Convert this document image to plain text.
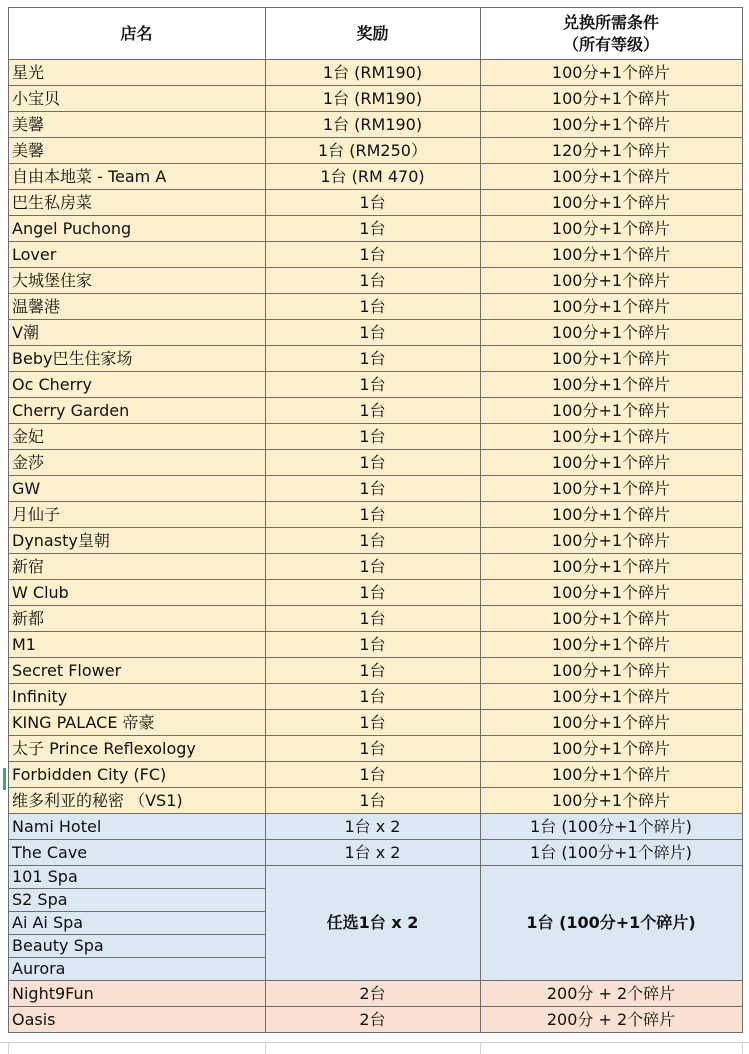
店名	奖励	兑换所需条件
（所有等级）

星光	1台 (RM190)	100分+1个碎片
小宝贝	1台 (RM190)	100分+1个碎片
美馨	1台 (RM190)	100分+1个碎片
美馨	1台 (RM250）	120分+1个碎片
自由本地菜 - Team A	1台 (RM 470)	100分+1个碎片
巴生私房菜	1台	100分+1个碎片
Angel Puchong	1台	100分+1个碎片
Lover	1台	100分+1个碎片
大城堡住家	1台	100分+1个碎片
温馨港	1台	100分+1个碎片
V潮	1台	100分+1个碎片
Beby巴生住家场	1台	100分+1个碎片
Oc Cherry	1台	100分+1个碎片
Cherry Garden	1台	100分+1个碎片
金妃	1台	100分+1个碎片
金莎	1台	100分+1个碎片
GW	1台	100分+1个碎片
月仙子	1台	100分+1个碎片
Dynasty皇朝	1台	100分+1个碎片
新宿	1台	100分+1个碎片
W Club	1台	100分+1个碎片
新都	1台	100分+1个碎片
M1	1台	100分+1个碎片
Secret Flower	1台	100分+1个碎片
Infinity	1台	100分+1个碎片
KING PALACE 帝豪	1台	100分+1个碎片
太子 Prince Reflexology	1台	100分+1个碎片
Forbidden City (FC)	1台	100分+1个碎片
维多利亚的秘密 （VS1)	1台	100分+1个碎片
Nami Hotel	1台 x 2	1台 (100分+1个碎片)
The Cave	1台 x 2	1台 (100分+1个碎片)
101 Spa	任选1台 x 2	1台 (100分+1个碎片)
S2 Spa		
Ai Ai Spa		
Beauty Spa		
Aurora		
Night9Fun	2台	200分 + 2个碎片
Oasis	2台	200分 + 2个碎片
